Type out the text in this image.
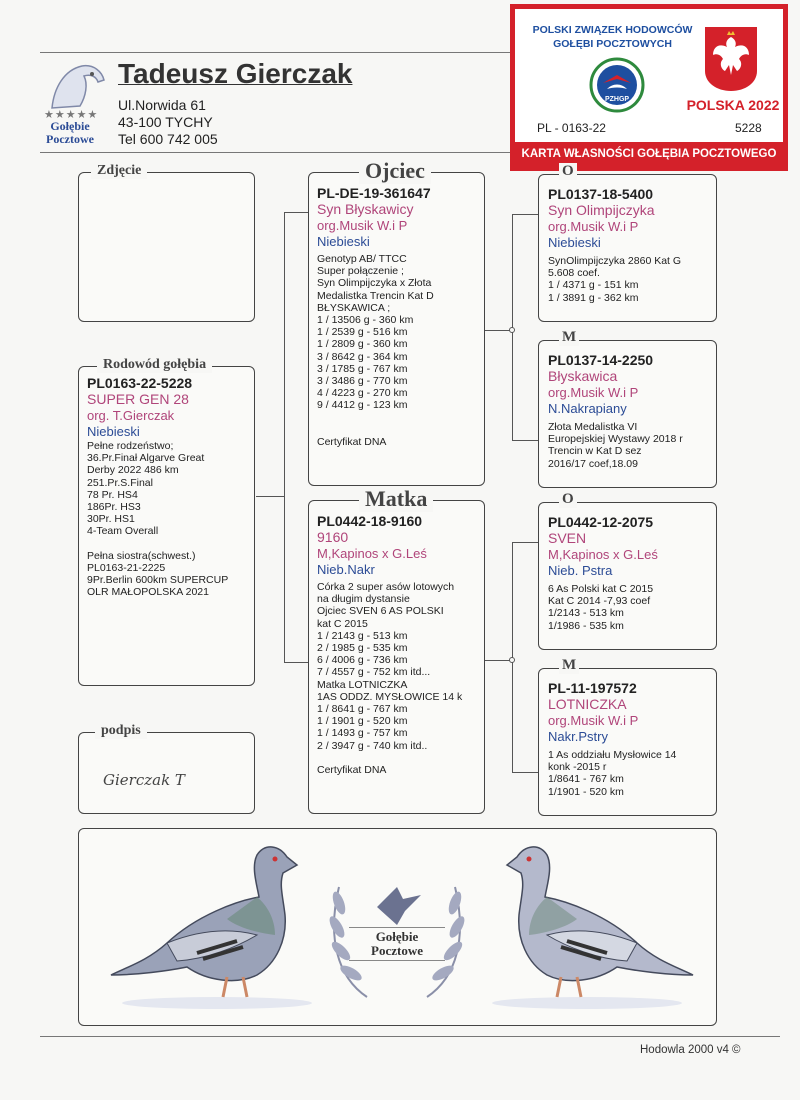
★★★★★
Gołębie
Pocztowe
Tadeusz Gierczak
Ul.Norwida 61
43-100 TYCHY
Tel 600 742 005
POLSKI ZWIĄZEK HODOWCÓW
GOŁĘBI POCZTOWYCH
PZHGP	POLSKA 2022
PL - 0163-22	5228
KARTA WŁASNOŚCI GOŁĘBIA POCZTOWEGO
Zdjęcie
Rodowód gołębia
PL0163-22-5228
SUPER GEN 28
org. T.Gierczak
Niebieski
Pełne rodzeństwo;
36.Pr.Finał Algarve Great
Derby 2022 486 km
251.Pr.S.Final
78 Pr. HS4
186Pr. HS3
30Pr. HS1
4-Team Overall

Pełna siostra(schwest.)
PL0163-21-2225
9Pr.Berlin 600km SUPERCUP
OLR MAŁOPOLSKA 2021
podpis
Gierczak T
Ojciec
PL-DE-19-361647
Syn Błyskawicy
org.Musik W.i P
Niebieski
Genotyp AB/ TTCC
Super połączenie ;
Syn Olimpijczyka x Złota
Medalistka Trencin Kat D
BŁYSKAWICA ;
1 / 13506 g - 360 km
1 / 2539 g - 516 km
1 / 2809 g - 360 km
3 / 8642 g - 364 km
3 / 1785 g - 767 km
3 / 3486 g - 770 km
4 / 4223 g - 270 km
9 / 4412 g - 123 km

Certyfikat DNA
Matka
PL0442-18-9160
9160
M,Kapinos x G.Leś
Nieb.Nakr
Córka 2 super asów lotowych
na długim dystansie
Ojciec SVEN 6 AS POLSKI
kat C 2015
1 / 2143 g - 513 km
2 / 1985 g - 535 km
6 / 4006 g - 736 km
7 / 4557 g - 752 km itd...
Matka LOTNICZKA
1AS ODDZ. MYSŁOWICE 14 k
1 / 8641 g - 767 km
1 / 1901 g - 520 km
1 / 1493 g - 757 km
2 / 3947 g - 740 km itd..

Certyfikat DNA
O
PL0137-18-5400
Syn Olimpijczyka
org.Musik W.i P
Niebieski
SynOlimpijczyka 2860 Kat G
5.608 coef.
1 / 4371 g - 151 km
1 / 3891 g - 362 km
M
PL0137-14-2250
Błyskawica
org.Musik W.i P
N.Nakrapiany
Złota Medalistka VI
Europejskiej Wystawy 2018 r
Trencin w Kat D sez
2016/17 coef,18.09
O
PL0442-12-2075
SVEN
M,Kapinos x G.Leś
Nieb. Pstra
6 As Polski kat C 2015
Kat C 2014 -7,93 coef
1/2143 - 513 km
1/1986 - 535 km
M
PL-11-197572
LOTNICZKA
org.Musik W.i P
Nakr.Pstry
1 As oddziału Mysłowice 14
konk -2015 r
1/8641 - 767 km
1/1901 - 520 km
Gołębie
Pocztowe
Hodowla 2000 v4 ©
